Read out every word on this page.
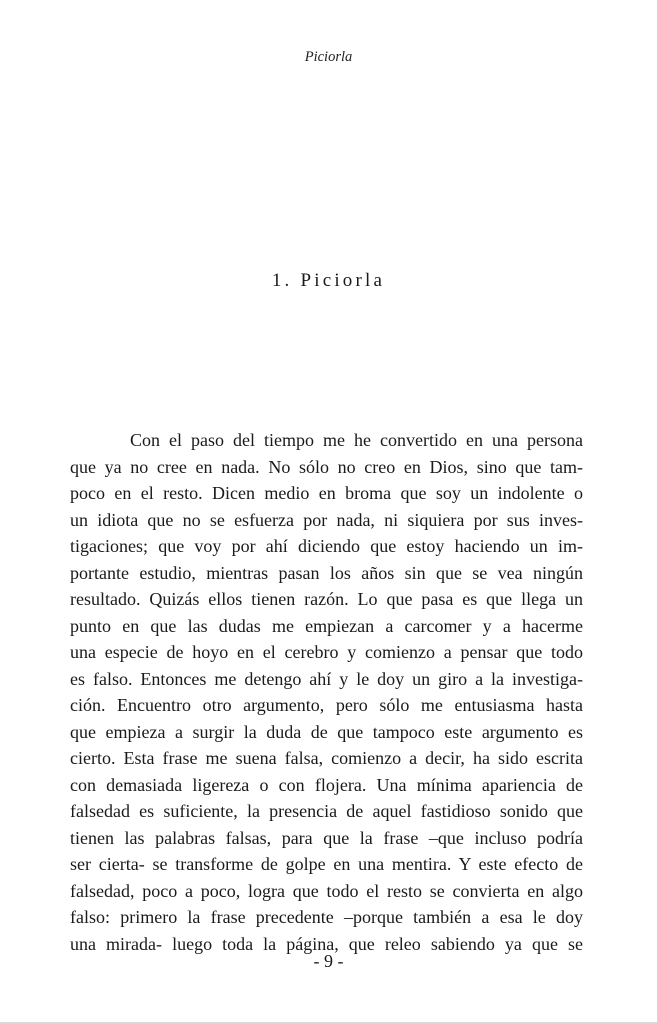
Piciorla
1. Piciorla
Con el paso del tiempo me he convertido en una persona
que ya no cree en nada. No sólo no creo en Dios, sino que tam-
poco en el resto. Dicen medio en broma que soy un indolente o
un idiota que no se esfuerza por nada, ni siquiera por sus inves-
tigaciones; que voy por ahí diciendo que estoy haciendo un im-
portante estudio, mientras pasan los años sin que se vea ningún
resultado. Quizás ellos tienen razón. Lo que pasa es que llega un
punto en que las dudas me empiezan a carcomer y a hacerme
una especie de hoyo en el cerebro y comienzo a pensar que todo
es falso. Entonces me detengo ahí y le doy un giro a la investiga-
ción. Encuentro otro argumento, pero sólo me entusiasma hasta
que empieza a surgir la duda de que tampoco este argumento es
cierto. Esta frase me suena falsa, comienzo a decir, ha sido escrita
con demasiada ligereza o con flojera. Una mínima apariencia de
falsedad es suficiente, la presencia de aquel fastidioso sonido que
tienen las palabras falsas, para que la frase –que incluso podría
ser cierta- se transforme de golpe en una mentira. Y este efecto de
falsedad, poco a poco, logra que todo el resto se convierta en algo
falso: primero la frase precedente –porque también a esa le doy
una mirada- luego toda la página, que releo sabiendo ya que se
- 9 -
